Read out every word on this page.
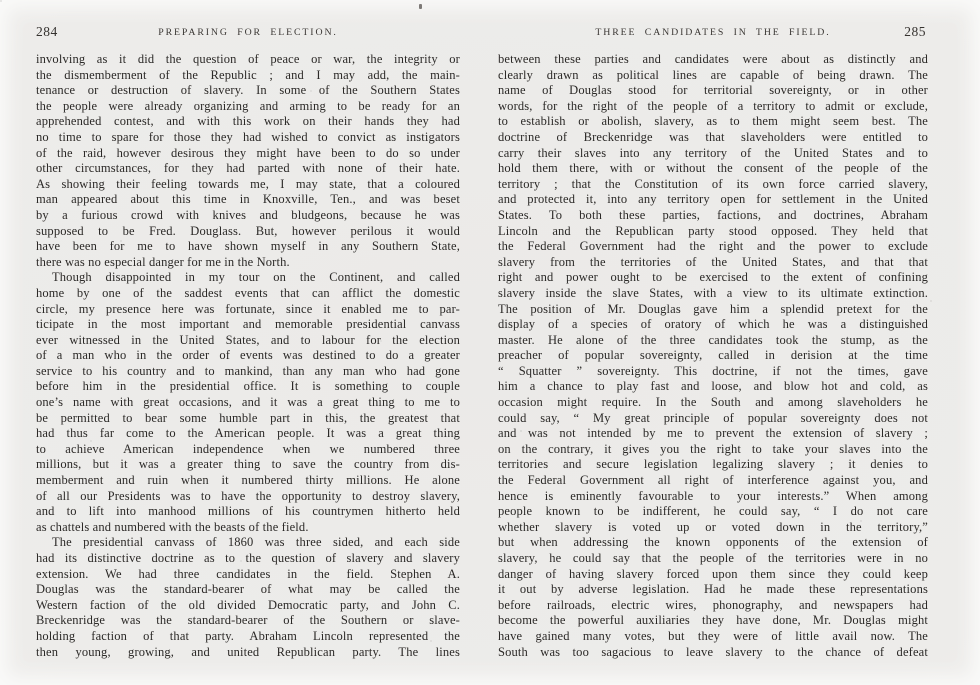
284	PREPARING FOR ELECTION.
involving as it did the question of peace or war, the integrity or
the dismemberment of the Republic ; and I may add, the main-
tenance or destruction of slavery. In some of the Southern States
the people were already organizing and arming to be ready for an
apprehended contest, and with this work on their hands they had
no time to spare for those they had wished to convict as instigators
of the raid, however desirous they might have been to do so under
other circumstances, for they had parted with none of their hate.
As showing their feeling towards me, I may state, that a coloured
man appeared about this time in Knoxville, Ten., and was beset
by a furious crowd with knives and bludgeons, because he was
supposed to be Fred. Douglass. But, however perilous it would
have been for me to have shown myself in any Southern State,
there was no especial danger for me in the North.
Though disappointed in my tour on the Continent, and called
home by one of the saddest events that can afflict the domestic
circle, my presence here was fortunate, since it enabled me to par-
ticipate in the most important and memorable presidential canvass
ever witnessed in the United States, and to labour for the election
of a man who in the order of events was destined to do a greater
service to his country and to mankind, than any man who had gone
before him in the presidential office. It is something to couple
one’s name with great occasions, and it was a great thing to me to
be permitted to bear some humble part in this, the greatest that
had thus far come to the American people. It was a great thing
to achieve American independence when we numbered three
millions, but it was a greater thing to save the country from dis-
memberment and ruin when it numbered thirty millions. He alone
of all our Presidents was to have the opportunity to destroy slavery,
and to lift into manhood millions of his countrymen hitherto held
as chattels and numbered with the beasts of the field.
The presidential canvass of 1860 was three sided, and each side
had its distinctive doctrine as to the question of slavery and slavery
extension. We had three candidates in the field. Stephen A.
Douglas was the standard-bearer of what may be called the
Western faction of the old divided Democratic party, and John C.
Breckenridge was the standard-bearer of the Southern or slave-
holding faction of that party. Abraham Lincoln represented the
then young, growing, and united Republican party. The lines
THREE CANDIDATES IN THE FIELD.	285
between these parties and candidates were about as distinctly and
clearly drawn as political lines are capable of being drawn. The
name of Douglas stood for territorial sovereignty, or in other
words, for the right of the people of a territory to admit or exclude,
to establish or abolish, slavery, as to them might seem best. The
doctrine of Breckenridge was that slaveholders were entitled to
carry their slaves into any territory of the United States and to
hold them there, with or without the consent of the people of the
territory ; that the Constitution of its own force carried slavery,
and protected it, into any territory open for settlement in the United
States. To both these parties, factions, and doctrines, Abraham
Lincoln and the Republican party stood opposed. They held that
the Federal Government had the right and the power to exclude
slavery from the territories of the United States, and that that
right and power ought to be exercised to the extent of confining
slavery inside the slave States, with a view to its ultimate extinction.
The position of Mr. Douglas gave him a splendid pretext for the
display of a species of oratory of which he was a distinguished
master. He alone of the three candidates took the stump, as the
preacher of popular sovereignty, called in derision at the time
“ Squatter ” sovereignty. This doctrine, if not the times, gave
him a chance to play fast and loose, and blow hot and cold, as
occasion might require. In the South and among slaveholders he
could say, “ My great principle of popular sovereignty does not
and was not intended by me to prevent the extension of slavery ;
on the contrary, it gives you the right to take your slaves into the
territories and secure legislation legalizing slavery ; it denies to
the Federal Government all right of interference against you, and
hence is eminently favourable to your interests.” When among
people known to be indifferent, he could say, “ I do not care
whether slavery is voted up or voted down in the territory,”
but when addressing the known opponents of the extension of
slavery, he could say that the people of the territories were in no
danger of having slavery forced upon them since they could keep
it out by adverse legislation. Had he made these representations
before railroads, electric wires, phonography, and newspapers had
become the powerful auxiliaries they have done, Mr. Douglas might
have gained many votes, but they were of little avail now. The
South was too sagacious to leave slavery to the chance of defeat
